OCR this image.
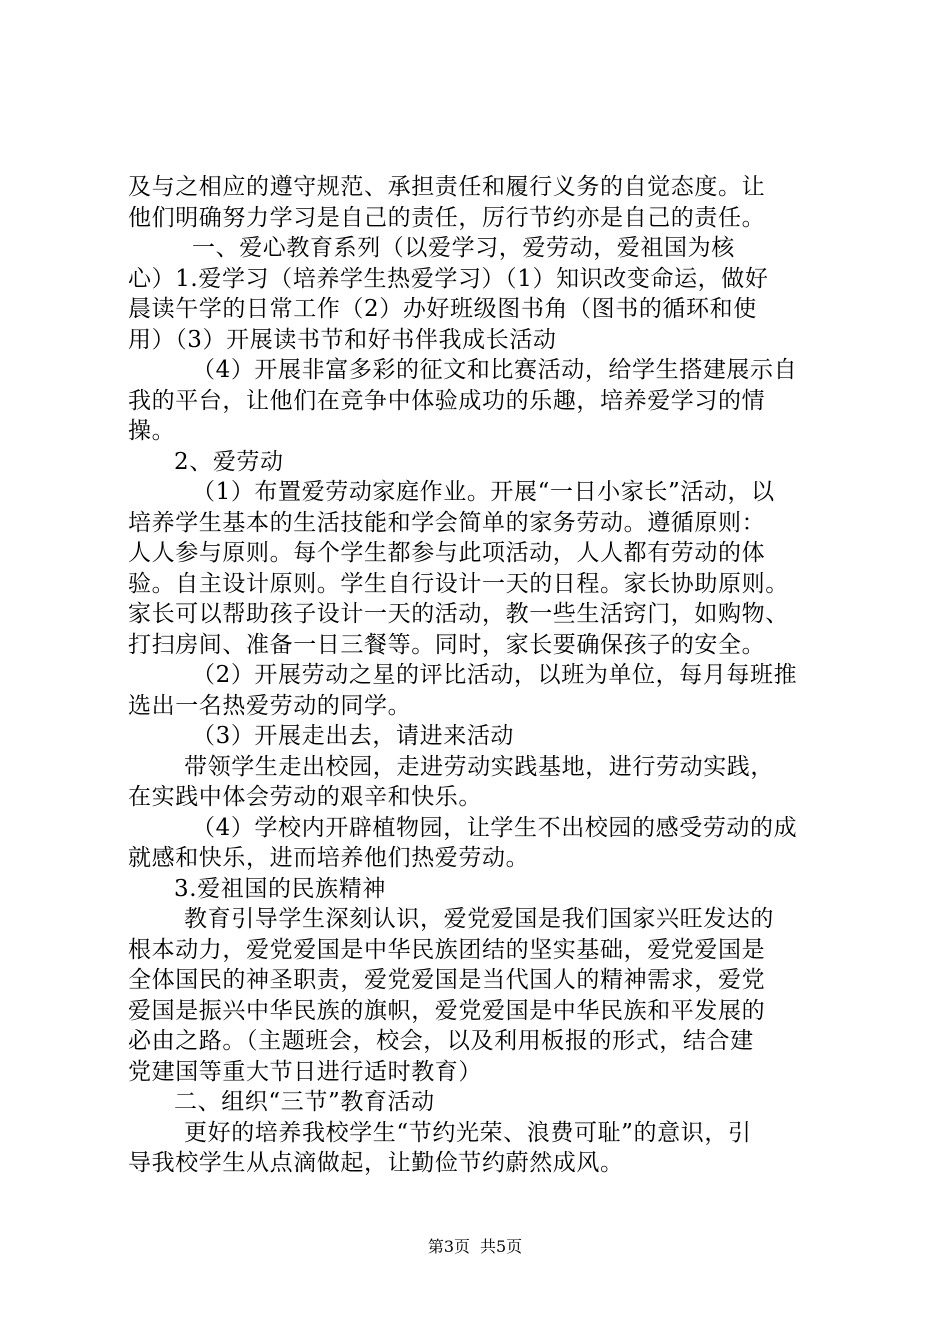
及与之相应的遵守规范、承担责任和履行义务的自觉态度。让
他们明确努力学习是自己的责任，厉行节约亦是自己的责任。
一、爱心教育系列（以爱学习，爱劳动，爱祖国为核
心）1.爱学习（培养学生热爱学习）（1）知识改变命运，做好
晨读午学的日常工作（2）办好班级图书角（图书的循环和使
用）（3）开展读书节和好书伴我成长活动
（4）开展非富多彩的征文和比赛活动，给学生搭建展示自
我的平台，让他们在竞争中体验成功的乐趣，培养爱学习的情
操。
2、爱劳动
（1）布置爱劳动家庭作业。开展“一日小家长”活动，以
培养学生基本的生活技能和学会简单的家务劳动。遵循原则：
人人参与原则。每个学生都参与此项活动，人人都有劳动的体
验。自主设计原则。学生自行设计一天的日程。家长协助原则。
家长可以帮助孩子设计一天的活动，教一些生活窍门，如购物、
打扫房间、准备一日三餐等。同时，家长要确保孩子的安全。
（2）开展劳动之星的评比活动，以班为单位，每月每班推
选出一名热爱劳动的同学。
（3）开展走出去，请进来活动
带领学生走出校园，走进劳动实践基地，进行劳动实践，
在实践中体会劳动的艰辛和快乐。
（4）学校内开辟植物园，让学生不出校园的感受劳动的成
就感和快乐，进而培养他们热爱劳动。
3.爱祖国的民族精神
教育引导学生深刻认识，爱党爱国是我们国家兴旺发达的
根本动力，爱党爱国是中华民族团结的坚实基础，爱党爱国是
全体国民的神圣职责，爱党爱国是当代国人的精神需求，爱党
爱国是振兴中华民族的旗帜，爱党爱国是中华民族和平发展的
必由之路。（主题班会，校会，以及利用板报的形式，结合建
党建国等重大节日进行适时教育）
二、组织“三节”教育活动
更好的培养我校学生“节约光荣、浪费可耻”的意识，引
导我校学生从点滴做起，让勤俭节约蔚然成风。
第3页 共5页
